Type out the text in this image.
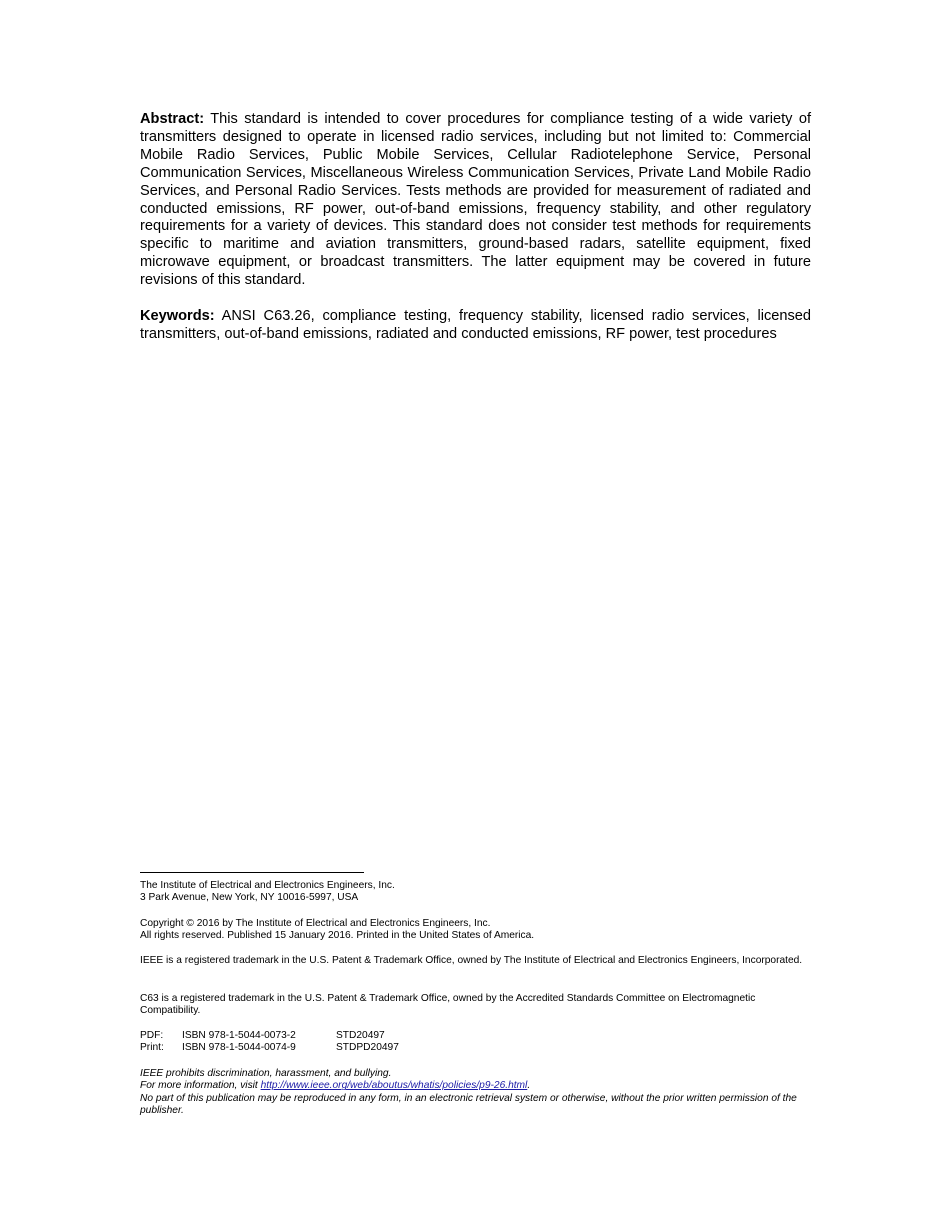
Abstract: This standard is intended to cover procedures for compliance testing of a wide variety of transmitters designed to operate in licensed radio services, including but not limited to: Commercial Mobile Radio Services, Public Mobile Services, Cellular Radiotelephone Service, Personal Communication Services, Miscellaneous Wireless Communication Services, Private Land Mobile Radio Services, and Personal Radio Services. Tests methods are provided for measurement of radiated and conducted emissions, RF power, out-of-band emissions, frequency stability, and other regulatory requirements for a variety of devices. This standard does not consider test methods for requirements specific to maritime and aviation transmitters, ground-based radars, satellite equipment, fixed microwave equipment, or broadcast transmitters. The latter equipment may be covered in future revisions of this standard.

Keywords: ANSI C63.26, compliance testing, frequency stability, licensed radio services, licensed transmitters, out-of-band emissions, radiated and conducted emissions, RF power, test procedures

The Institute of Electrical and Electronics Engineers, Inc.
3 Park Avenue, New York, NY 10016-5997, USA
Copyright © 2016 by The Institute of Electrical and Electronics Engineers, Inc.
All rights reserved. Published 15 January 2016. Printed in the United States of America.
IEEE is a registered trademark in the U.S. Patent & Trademark Office, owned by The Institute of Electrical and Electronics Engineers, Incorporated.
C63 is a registered trademark in the U.S. Patent & Trademark Office, owned by the Accredited Standards Committee on Electromagnetic Compatibility.
PDF: ISBN 978-1-5044-0073-2	STD20497
Print: ISBN 978-1-5044-0074-9	STDPD20497
IEEE prohibits discrimination, harassment, and bullying.
For more information, visit http://www.ieee.org/web/aboutus/whatis/policies/p9-26.html.
No part of this publication may be reproduced in any form, in an electronic retrieval system or otherwise, without the prior written permission of the publisher.
